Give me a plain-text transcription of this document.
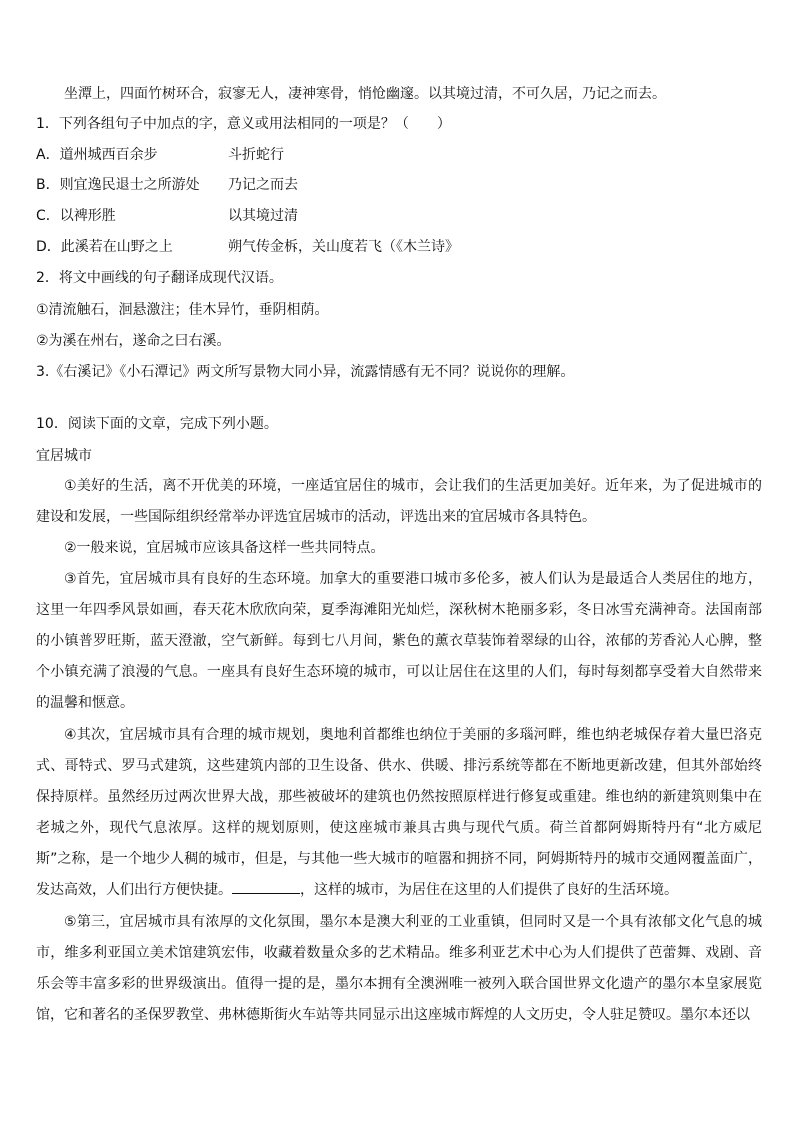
坐潭上，四面竹树环合，寂寥无人，凄神寒骨，悄怆幽邃。以其境过清，不可久居，乃记之而去。
1．下列各组句子中加点的字，意义或用法相同的一项是？（　　）
A．道州城西百余步	斗折蛇行
B．则宜逸民退士之所游处 乃记之而去
C．以裨形胜	以其境过清
D．此溪若在山野之上	朔气传金柝，关山度若飞（《木兰诗》
2．将文中画线的句子翻译成现代汉语。
①清流触石，洄悬激注；佳木异竹，垂阴相荫。
②为溪在州右，遂命之曰右溪。
3.《右溪记》《小石潭记》两文所写景物大同小异，流露情感有无不同？说说你的理解。
10．阅读下面的文章，完成下列小题。
宜居城市
①美好的生活，离不开优美的环境，一座适宜居住的城市，会让我们的生活更加美好。近年来，为了促进城市的建设和发展，一些国际组织经常举办评选宜居城市的活动，评选出来的宜居城市各具特色。
②一般来说，宜居城市应该具备这样一些共同特点。
③首先，宜居城市具有良好的生态环境。加拿大的重要港口城市多伦多，被人们认为是最适合人类居住的地方，这里一年四季风景如画，春天花木欣欣向荣，夏季海滩阳光灿烂，深秋树木艳丽多彩，冬日冰雪充满神奇。法国南部的小镇普罗旺斯，蓝天澄澈，空气新鲜。每到七八月间，紫色的薰衣草装饰着翠绿的山谷，浓郁的芳香沁人心脾，整个小镇充满了浪漫的气息。一座具有良好生态环境的城市，可以让居住在这里的人们，每时每刻都享受着大自然带来的温馨和惬意。
④其次，宜居城市具有合理的城市规划，奥地利首都维也纳位于美丽的多瑙河畔，维也纳老城保存着大量巴洛克式、哥特式、罗马式建筑，这些建筑内部的卫生设备、供水、供暖、排污系统等都在不断地更新改建，但其外部始终保持原样。虽然经历过两次世界大战，那些被破坏的建筑也仍然按照原样进行修复或重建。维也纳的新建筑则集中在老城之外，现代气息浓厚。这样的规划原则，使这座城市兼具古典与现代气质。荷兰首都阿姆斯特丹有“北方威尼斯”之称，是一个地少人稠的城市，但是，与其他一些大城市的喧嚣和拥挤不同，阿姆斯特丹的城市交通网覆盖面广，发达高效，人们出行方便快捷。	，这样的城市，为居住在这里的人们提供了良好的生活环境。
⑤第三，宜居城市具有浓厚的文化氛围，墨尔本是澳大利亚的工业重镇，但同时又是一个具有浓郁文化气息的城市，维多利亚国立美术馆建筑宏伟，收藏着数量众多的艺术精品。维多利亚艺术中心为人们提供了芭蕾舞、戏剧、音乐会等丰富多彩的世界级演出。值得一提的是，墨尔本拥有全澳洲唯一被列入联合国世界文化遗产的墨尔本皇家展览馆，它和著名的圣保罗教堂、弗林德斯街火车站等共同显示出这座城市辉煌的人文历史，令人驻足赞叹。墨尔本还以
